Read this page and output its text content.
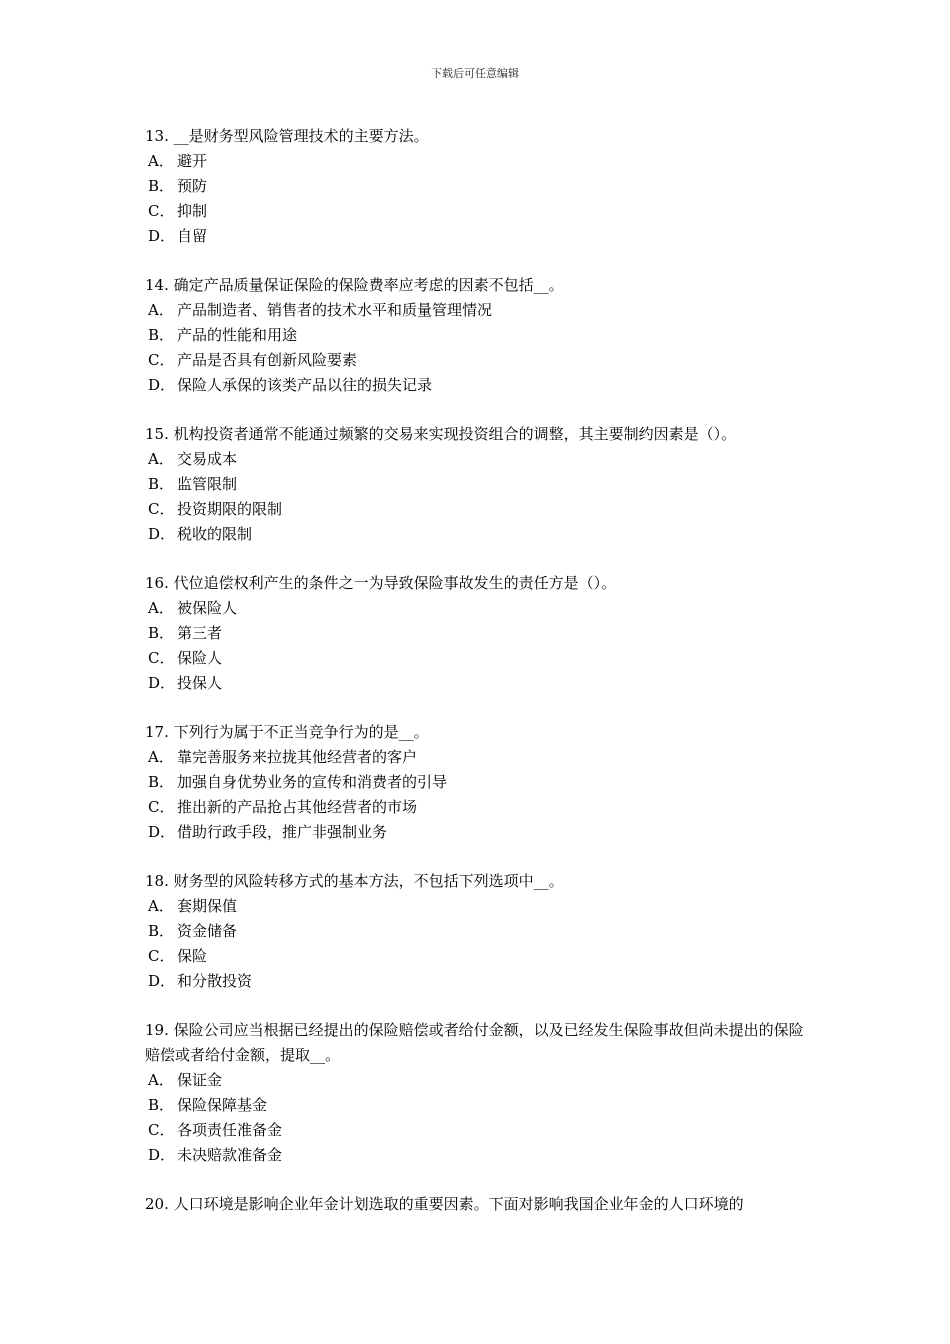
下载后可任意编辑

13. __是财务型风险管理技术的主要方法。

A． 避开

B． 预防

C． 抑制

D． 自留

14. 确定产品质量保证保险的保险费率应考虑的因素不包括__。

A． 产品制造者、销售者的技术水平和质量管理情况

B． 产品的性能和用途

C． 产品是否具有创新风险要素

D． 保险人承保的该类产品以往的损失记录

15. 机构投资者通常不能通过频繁的交易来实现投资组合的调整，其主要制约因素是（）。

A． 交易成本

B． 监管限制

C． 投资期限的限制

D． 税收的限制

16. 代位追偿权利产生的条件之一为导致保险事故发生的责任方是（）。

A． 被保险人

B． 第三者

C． 保险人

D． 投保人

17. 下列行为属于不正当竞争行为的是__。

A． 靠完善服务来拉拢其他经营者的客户

B． 加强自身优势业务的宣传和消费者的引导

C． 推出新的产品抢占其他经营者的市场

D． 借助行政手段，推广非强制业务

18. 财务型的风险转移方式的基本方法，不包括下列选项中__。

A． 套期保值

B． 资金储备

C． 保险

D． 和分散投资

19. 保险公司应当根据已经提出的保险赔偿或者给付金额，以及已经发生保险事故但尚未提出的保险赔偿或者给付金额，提取__。

A． 保证金

B． 保险保障基金

C． 各项责任准备金

D． 未决赔款准备金

20. 人口环境是影响企业年金计划选取的重要因素。下面对影响我国企业年金的人口环境的
